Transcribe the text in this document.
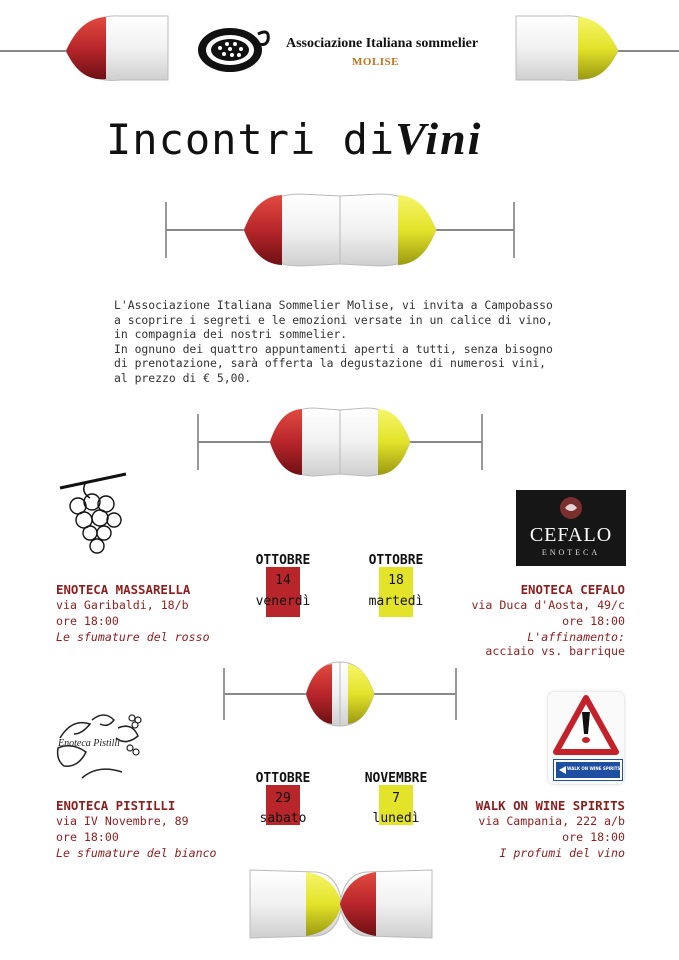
Associazione Italiana sommelier
MOLISE
Incontri diVini
L'Associazione Italiana Sommelier Molise, vi invita a Campobasso
a scoprire i segreti e le emozioni versate in un calice di vino,
in compagnia dei nostri sommelier.
In ognuno dei quattro appuntamenti aperti a tutti, senza bisogno
di prenotazione, sarà offerta la degustazione di numerosi vini,
al prezzo di € 5,00.
CEFALO
ENOTECA
OTTOBRE
14
venerdì
OTTOBRE
18
martedì
ENOTECA MASSARELLA
via Garibaldi, 18/b
ore 18:00
Le sfumature del rosso
ENOTECA CEFALO
via Duca d'Aosta, 49/c
ore 18:00
L'affinamento:
acciaio vs. barrique
Enoteca Pistilli
WALK ON WINE SPIRITS
OTTOBRE
29
sabato
NOVEMBRE
7
lunedì
ENOTECA PISTILLI
via IV Novembre, 89
ore 18:00
Le sfumature del bianco
WALK ON WINE SPIRITS
via Campania, 222 a/b
ore 18:00
I profumi del vino
